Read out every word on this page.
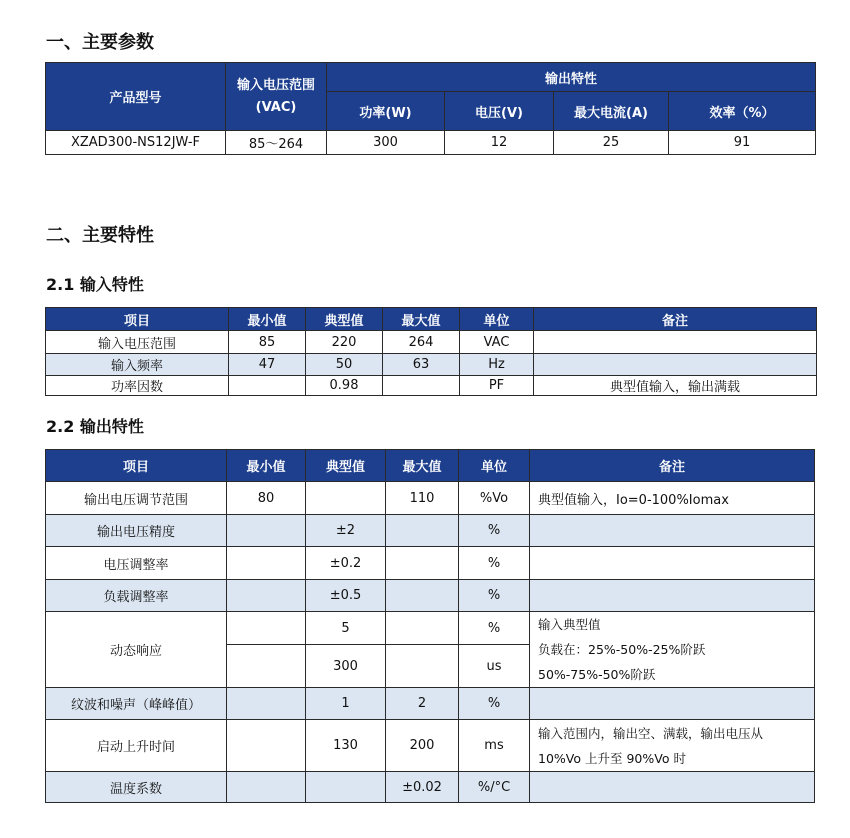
一、主要参数
产品型号	输入电压范围(VAC)	输出特性			
		功率(W)	电压(V)	最大电流(A)	效率（%）
XZAD300-NS12JW-F	85～264	300	12	25	91
二、主要特性
2.1 输入特性
项目	最小值	典型值	最大值	单位	备注
输入电压范围	85	220	264	VAC	
输入频率	47	50	63	Hz	
功率因数		0.98		PF	典型值输入，输出满载
2.2 输出特性
项目	最小值	典型值	最大值	单位	备注
输出电压调节范围	80		110	%Vo	典型值输入，Io=0-100%Iomax
输出电压精度		±2		%	
电压调整率		±0.2		%	
负载调整率		±0.5		%	
动态响应		5		%	输入典型值
负载在：25%-50%-25%阶跃
50%-75%-50%阶跃

		300		us	
纹波和噪声（峰峰值）		1	2	%	
启动上升时间		130	200	ms	输入范围内，输出空、满载，输出电压从
10%Vo 上升至 90%Vo 时

温度系数			±0.02	%/°C	
